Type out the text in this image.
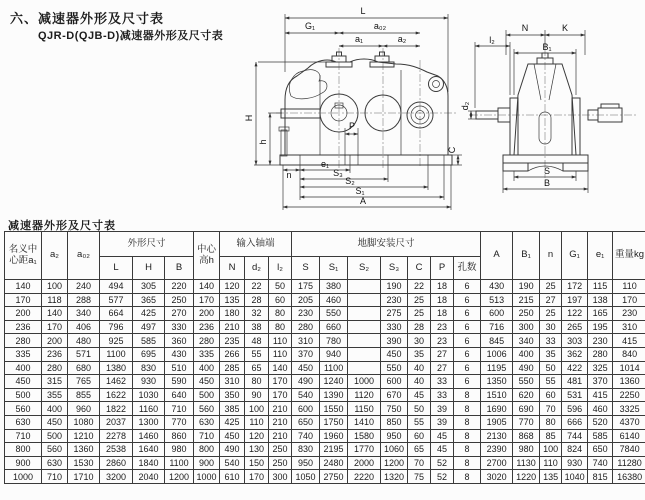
六、减速器外形及尺寸表
QJR-D(QJB-D)减速器外形及尺寸表
L
G₁	a₀₂
a₁	a₂
H
h
P
C
n
e₁
S₃
S₂
S₁
A
N	K
l₂
B₁
d₂
S
B
减速器外形及尺寸表
名义中心距a₁	a₂	a₀₂	外形尺寸			中心高h	输入轴端			地脚安装尺寸							A	B₁	n	G₁	e₁	重量kg
			L	H	B		N	d₂	l₂	S	S₁	S₂	S₃	C	P	孔数						
140	100	240	494	305	220	140	120	22	50	175	380		190	22	18	6	430	190	25	172	115	110
170	118	288	577	365	250	170	135	28	60	205	460		230	25	18	6	513	215	27	197	138	170
200	140	340	664	425	270	200	180	32	80	230	550		275	25	18	6	600	250	25	122	165	230
236	170	406	796	497	330	236	210	38	80	280	660		330	28	23	6	716	300	30	265	195	310
280	200	480	925	585	360	280	235	48	110	310	780		390	30	23	6	845	340	33	303	230	415
335	236	571	1100	695	430	335	266	55	110	370	940		450	35	27	6	1006	400	35	362	280	840
400	280	680	1380	830	510	400	285	65	140	450	1100		550	40	27	6	1195	490	50	422	325	1014
450	315	765	1462	930	590	450	310	80	170	490	1240	1000	600	40	33	6	1350	550	55	481	370	1360
500	355	855	1622	1030	640	500	350	90	170	540	1390	1120	670	45	33	8	1510	620	60	531	415	2250
560	400	960	1822	1160	710	560	385	100	210	600	1550	1150	750	50	39	8	1690	690	70	596	460	3325
630	450	1080	2037	1300	770	630	425	110	210	650	1750	1410	850	55	39	8	1905	770	80	666	520	4370
710	500	1210	2278	1460	860	710	450	120	210	740	1960	1580	950	60	45	8	2130	868	85	744	585	6140
800	560	1360	2538	1640	980	800	490	130	250	830	2195	1770	1060	65	45	8	2390	980	100	824	650	7840
900	630	1530	2860	1840	1100	900	540	150	250	950	2480	2000	1200	70	52	8	2700	1130	110	930	740	11280
1000	710	1710	3200	2040	1200	1000	610	170	300	1050	2750	2220	1320	75	52	8	3020	1220	135	1040	815	16380
